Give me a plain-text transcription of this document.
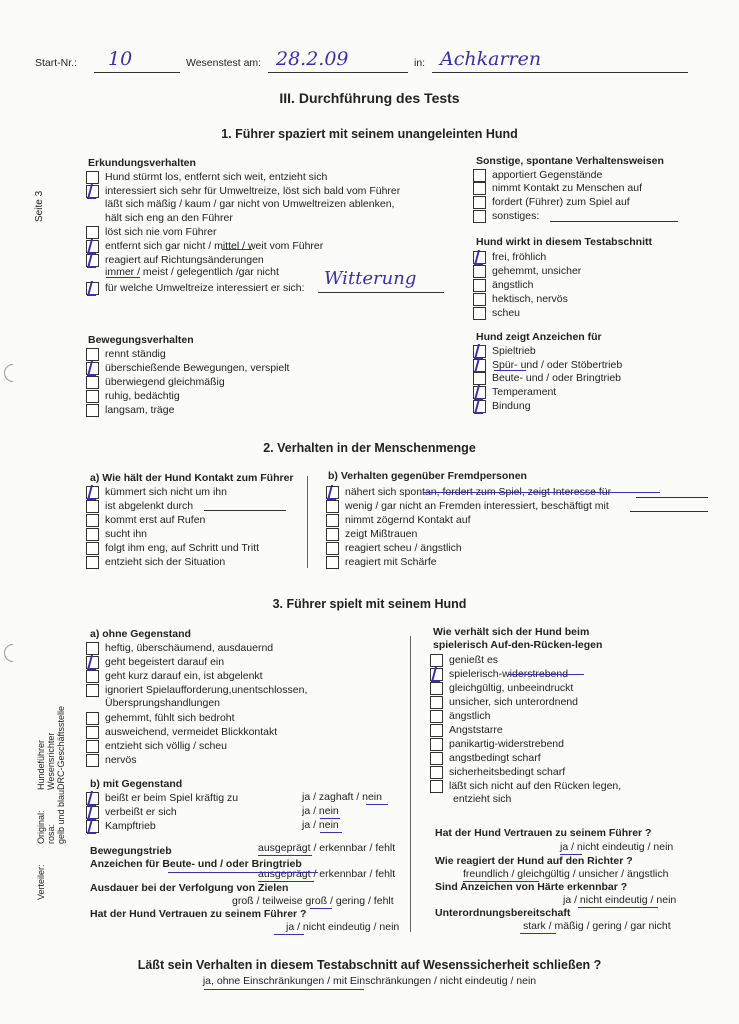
Start-Nr.: 10	Wesenstest am: 28.2.09	in: Achkarren
III. Durchführung des Tests
Seite 3
1. Führer spaziert mit seinem unangeleinten Hund
Erkundungsverhalten
Hund stürmt los, entfernt sich weit, entzieht sich
interessiert sich sehr für Umweltreize, löst sich bald vom Führer
läßt sich mäßig / kaum / gar nicht von Umweltreizen ablenken,
hält sich eng an den Führer
löst sich nie vom Führer
entfernt sich gar nicht / mittel / weit vom Führer
reagiert auf Richtungsänderungen
immer / meist / gelegentlich /gar nicht
für welche Umweltreize interessiert er sich: Witterung
Bewegungsverhalten
rennt ständig
überschießende Bewegungen, verspielt
überwiegend gleichmäßig
ruhig, bedächtig
langsam, träge
Sonstige, spontane Verhaltensweisen
apportiert Gegenstände
nimmt Kontakt zu Menschen auf
fordert (Führer) zum Spiel auf
sonstiges:
Hund wirkt in diesem Testabschnitt
frei, fröhlich
gehemmt, unsicher
ängstlich
hektisch, nervös
scheu
Hund zeigt Anzeichen für
Spieltrieb
Spür- und / oder Stöbertrieb
Beute- und / oder Bringtrieb
Temperament
Bindung
2. Verhalten in der Menschenmenge
a) Wie hält der Hund Kontakt zum Führer
kümmert sich nicht um ihn
ist abgelenkt durch
kommt erst auf Rufen
sucht ihn
folgt ihm eng, auf Schritt und Tritt
entzieht sich der Situation
b) Verhalten gegenüber Fremdpersonen
nähert sich spontan, fordert zum Spiel, zeigt Interesse für
wenig / gar nicht an Fremden interessiert, beschäftigt mit
nimmt zögernd Kontakt auf
zeigt Mißtrauen
reagiert scheu / ängstlich
reagiert mit Schärfe
3. Führer spielt mit seinem Hund
a) ohne Gegenstand
heftig, überschäumend, ausdauernd
geht begeistert darauf ein
geht kurz darauf ein, ist abgelenkt
ignoriert Spielaufforderung,unentschlossen,
Übersprungshandlungen
gehemmt, fühlt sich bedroht
ausweichend, vermeidet Blickkontakt
entzieht sich völlig / scheu
nervös
b) mit Gegenstand
beißt er beim Spiel kräftig zu	ja / zaghaft / nein
verbeißt er sich	ja / nein
Kampftrieb	ja / nein
Bewegungstrieb	ausgeprägt / erkennbar / fehlt
Anzeichen für Beute- und / oder Bringtrieb
ausgeprägt / erkennbar / fehlt
Ausdauer bei der Verfolgung von Zielen
groß / teilweise groß / gering / fehlt
Hat der Hund Vertrauen zu seinem Führer ?
ja / nicht eindeutig / nein
Wie verhält sich der Hund beim
spielerisch Auf-den-Rücken-legen
genießt es
spielerisch-widerstrebend
gleichgültig, unbeeindruckt
unsicher, sich unterordnend
ängstlich
Angststarre
panikartig-widerstrebend
angstbedingt scharf
sicherheitsbedingt scharf
läßt sich nicht auf den Rücken legen,
entzieht sich
Hat der Hund Vertrauen zu seinem Führer ?
ja / nicht eindeutig / nein
Wie reagiert der Hund auf den Richter ?
freundlich / gleichgültig / unsicher / ängstlich
Sind Anzeichen von Härte erkennbar ?
ja / nicht eindeutig / nein
Unterordnungsbereitschaft
stark / mäßig / gering / gar nicht
Verteiler:
Original: rosa: gelb und blau:
Hundeführer Wesensrichter DRC-Geschäftsstelle
Läßt sein Verhalten in diesem Testabschnitt auf Wesenssicherheit schließen ?
ja, ohne Einschränkungen / mit Einschränkungen / nicht eindeutig / nein
